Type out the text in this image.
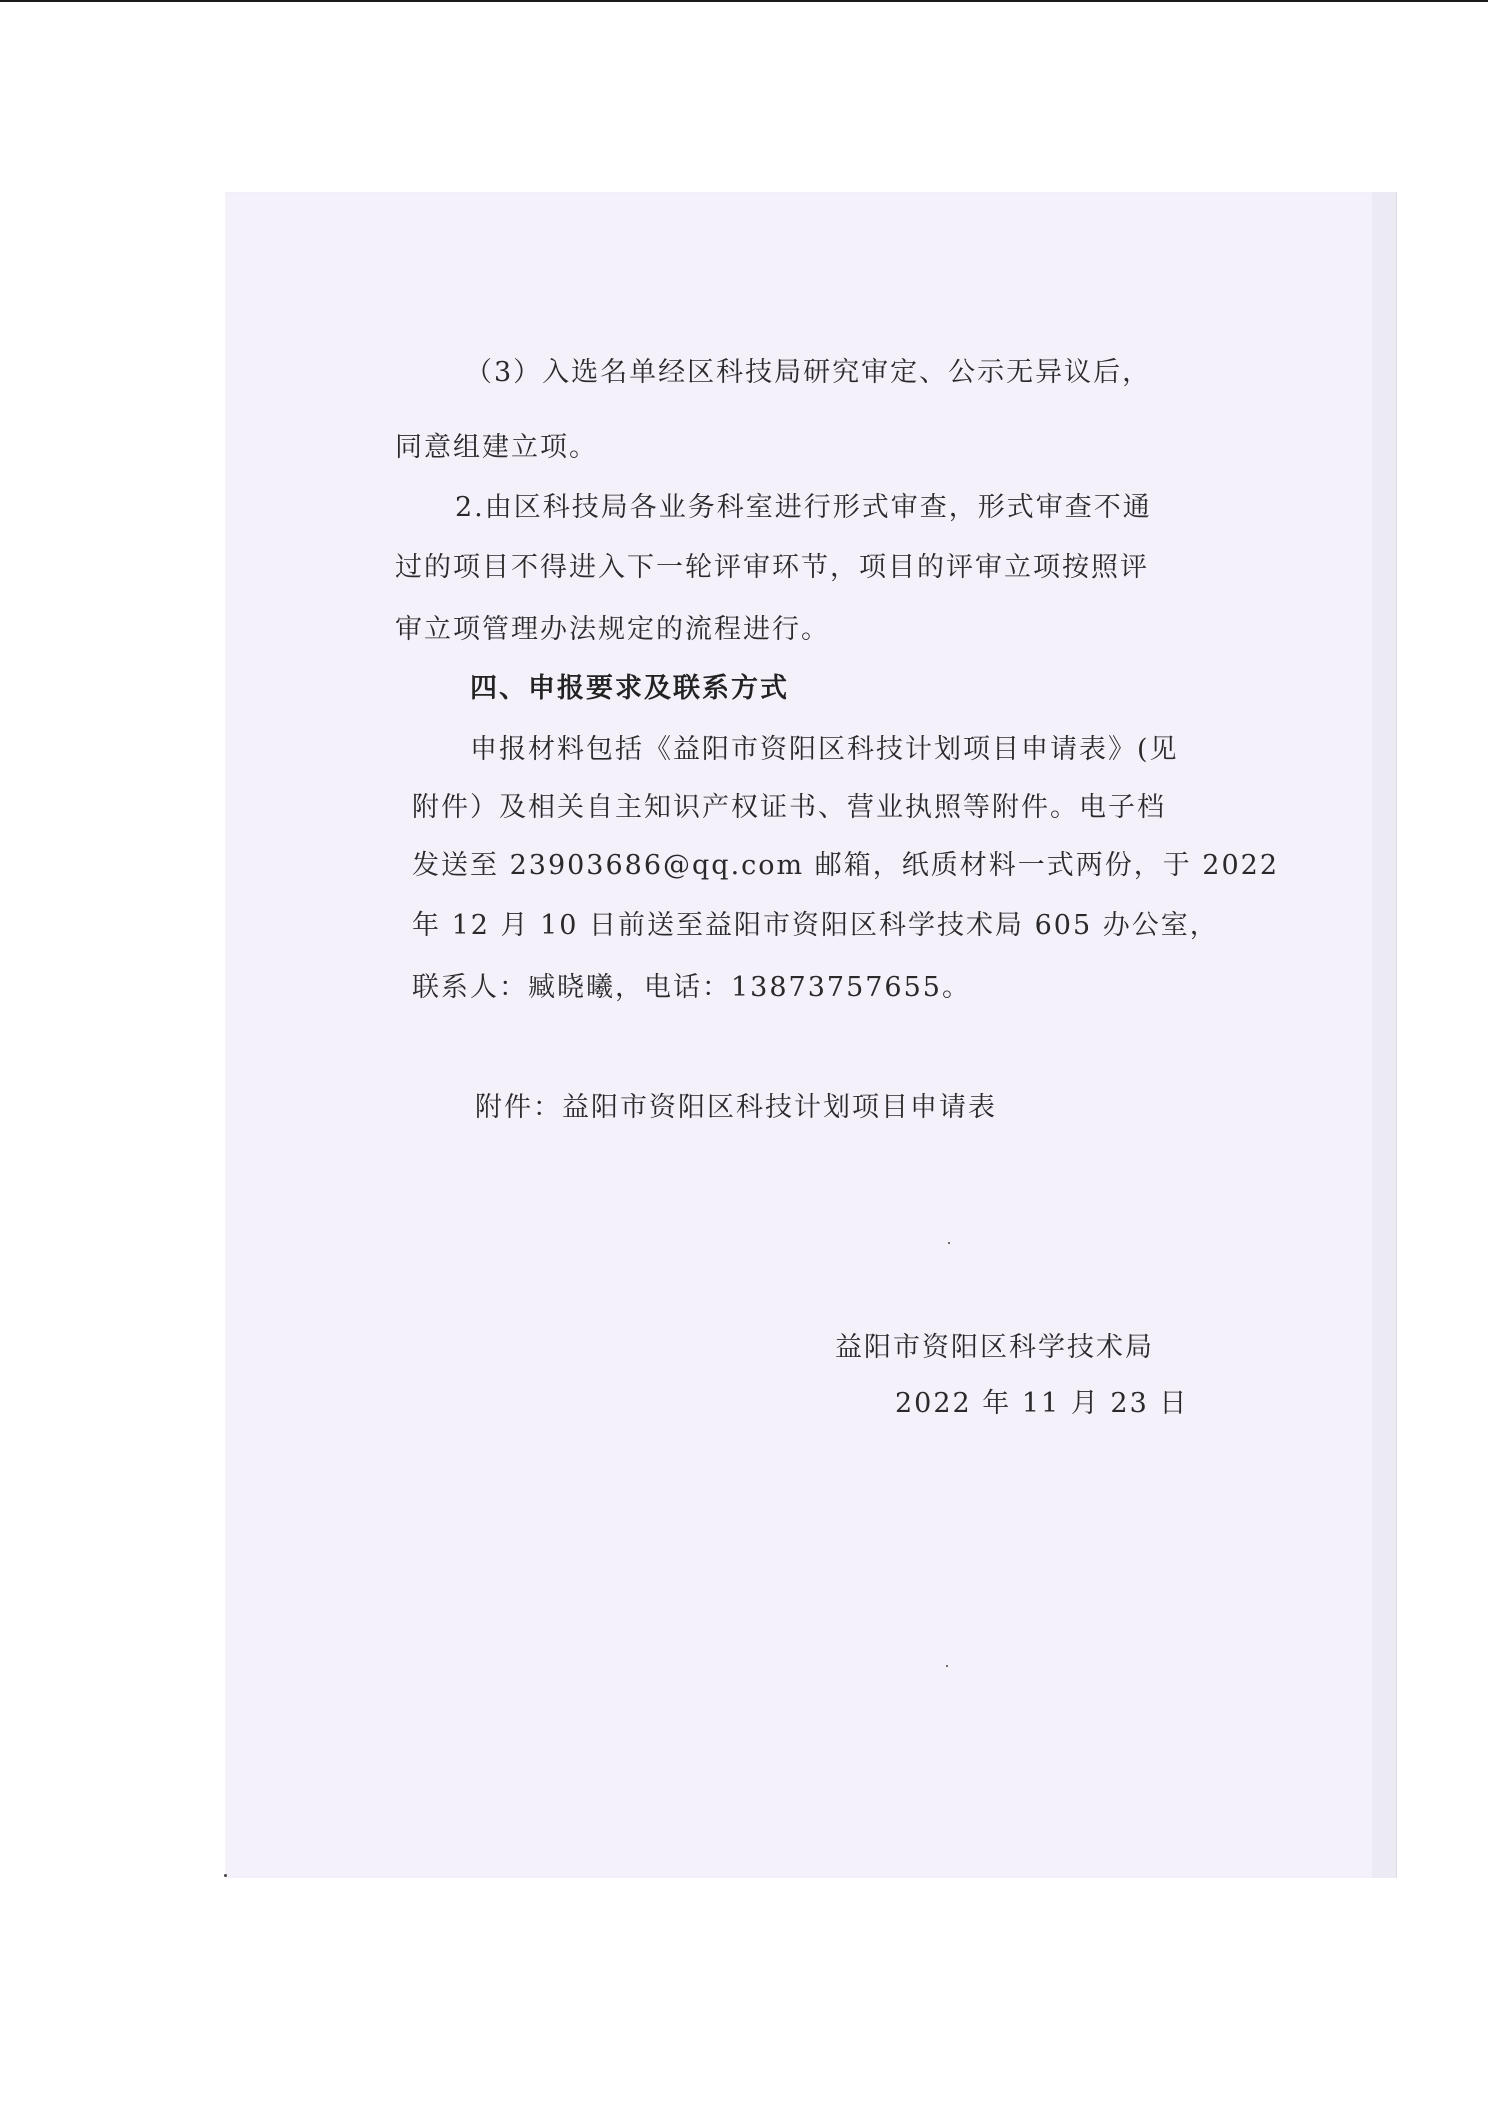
（3）入选名单经区科技局研究审定、公示无异议后，

同意组建立项。

2.由区科技局各业务科室进行形式审查，形式审查不通

过的项目不得进入下一轮评审环节，项目的评审立项按照评

审立项管理办法规定的流程进行。

四、申报要求及联系方式

申报材料包括《益阳市资阳区科技计划项目申请表》(见

附件）及相关自主知识产权证书、营业执照等附件。电子档

发送至 23903686@qq.com 邮箱，纸质材料一式两份，于 2022

年 12 月 10 日前送至益阳市资阳区科学技术局 605 办公室，

联系人：臧晓曦，电话：13873757655。

附件：益阳市资阳区科技计划项目申请表

益阳市资阳区科学技术局

2022 年 11 月 23 日
